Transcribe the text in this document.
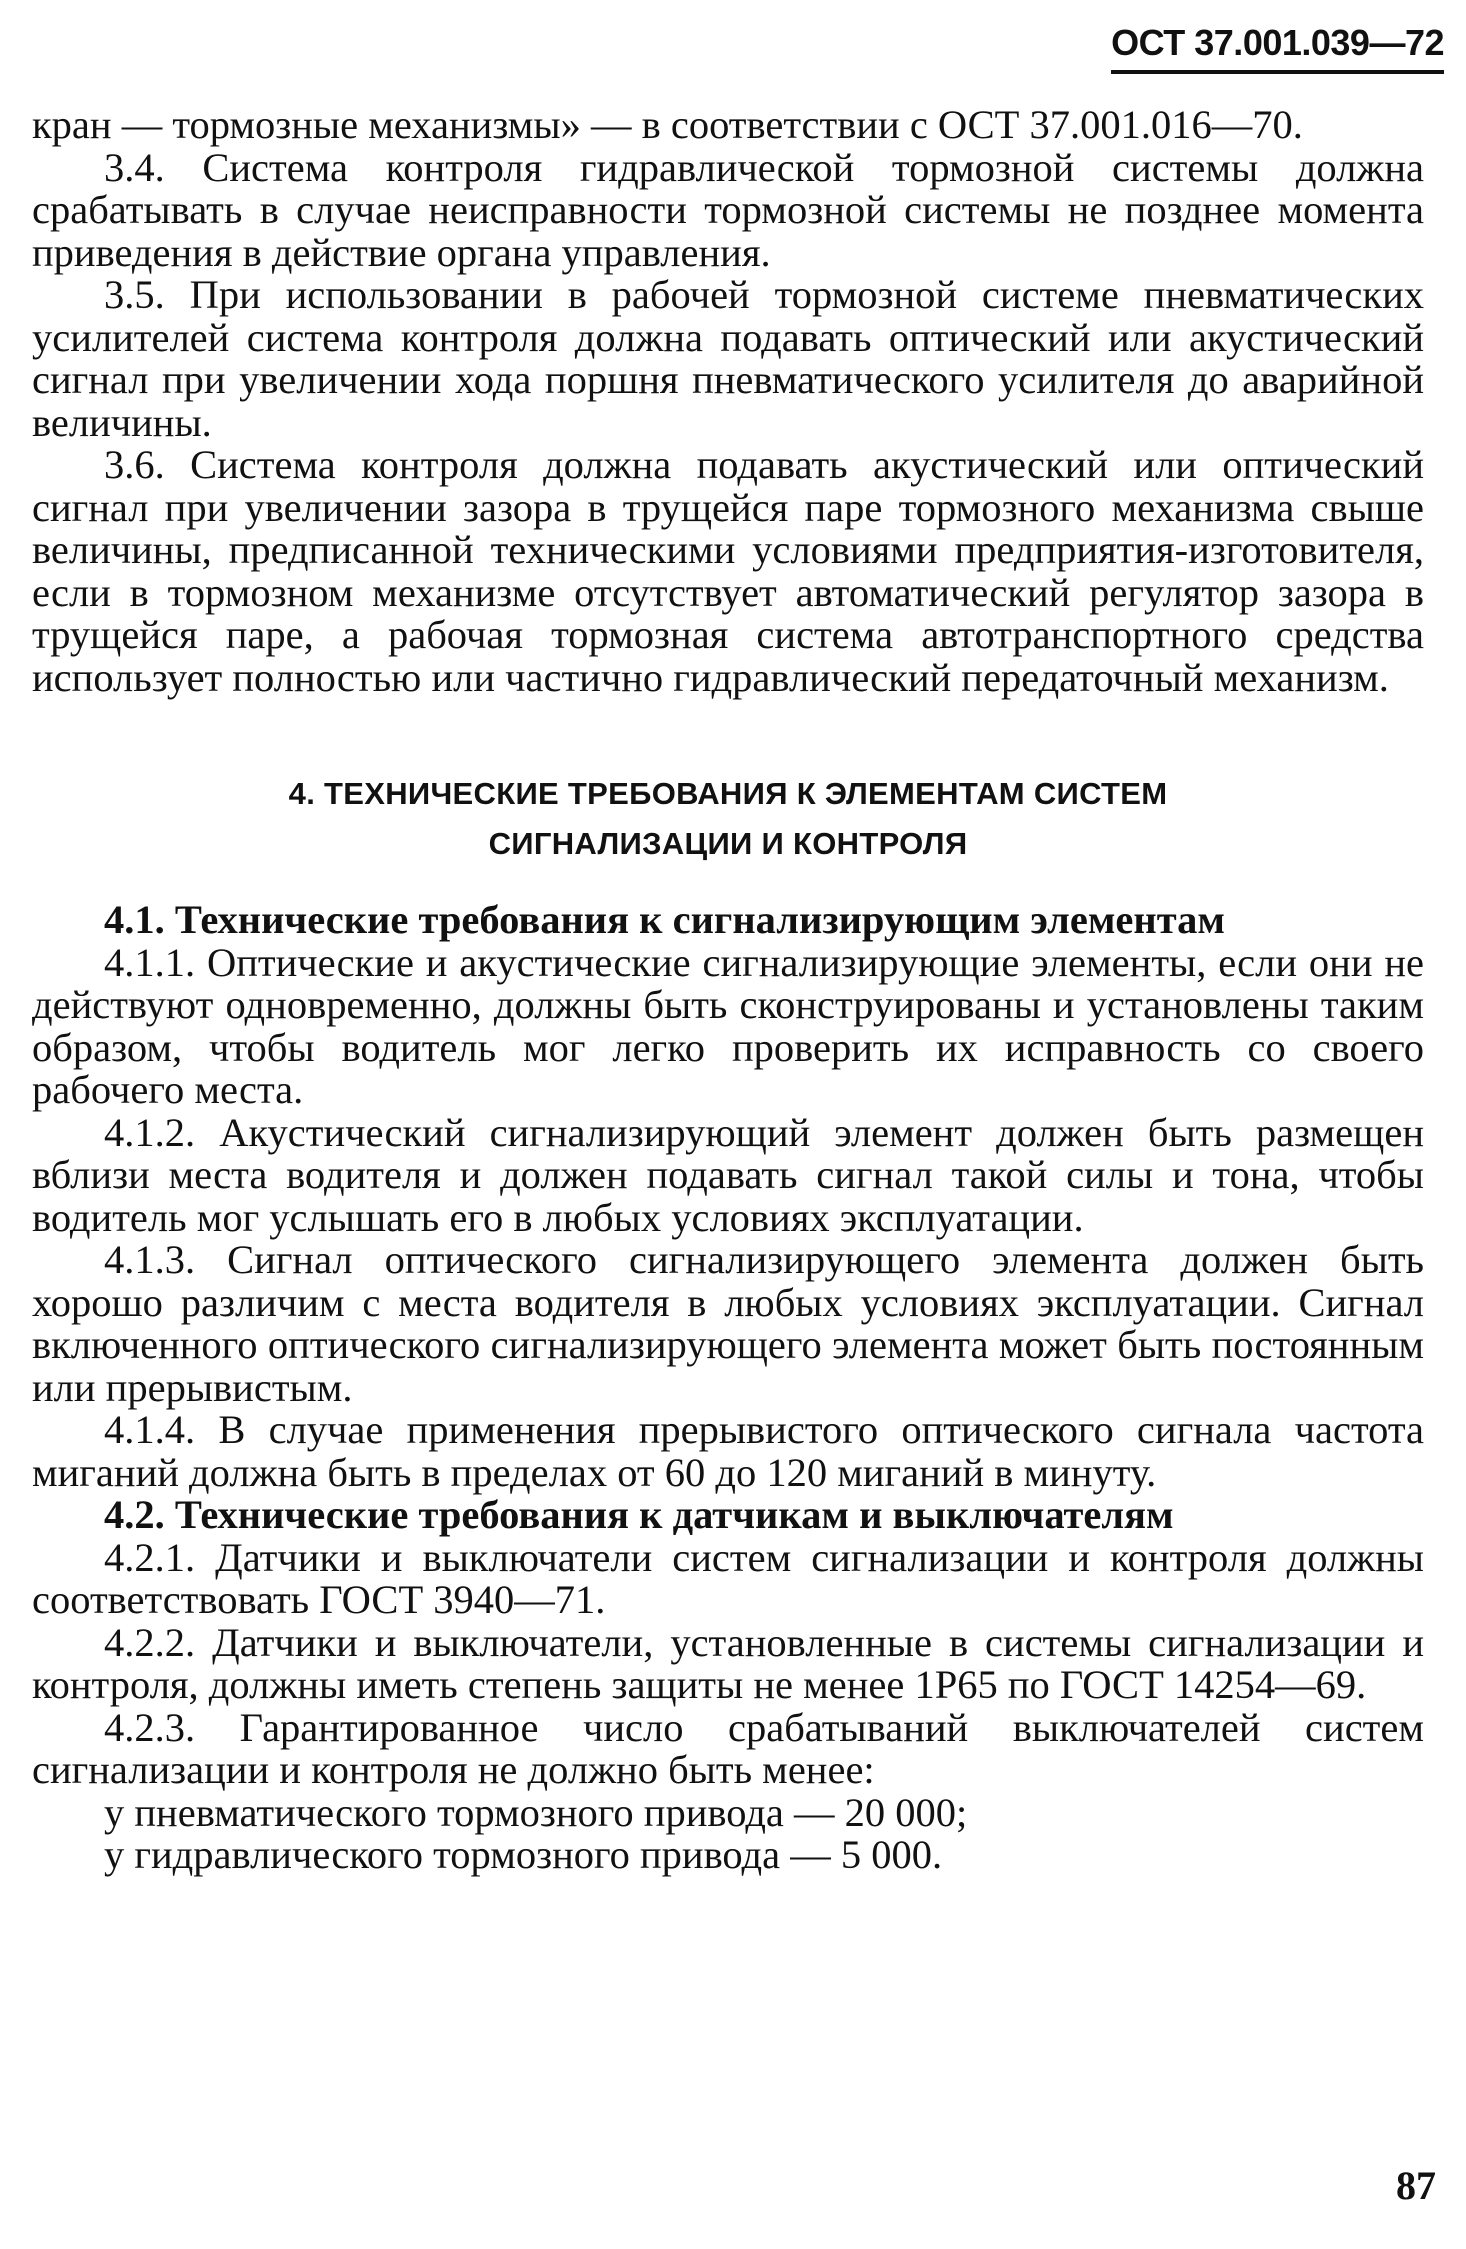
ОСТ 37.001.039—72

кран — тормозные механизмы» — в соответствии с ОСТ 37.001.016—70.

3.4. Система контроля гидравлической тормозной системы должна срабатывать в случае неисправности тормозной системы не позднее момента приведения в действие органа управления.

3.5. При использовании в рабочей тормозной системе пневматических усилителей система контроля должна подавать оптический или акустический сигнал при увеличении хода поршня пневматического усилителя до аварийной величины.

3.6. Система контроля должна подавать акустический или оптический сигнал при увеличении зазора в трущейся паре тормозного механизма свыше величины, предписанной техническими условиями предприятия-изготовителя, если в тормозном механизме отсутствует автоматический регулятор зазора в трущейся паре, а рабочая тормозная система автотранспортного средства использует полностью или частично гидравлический передаточный механизм.

4. ТЕХНИЧЕСКИЕ ТРЕБОВАНИЯ К ЭЛЕМЕНТАМ СИСТЕМ
СИГНАЛИЗАЦИИ И КОНТРОЛЯ

4.1. Технические требования к сигнализирующим элементам

4.1.1. Оптические и акустические сигнализирующие элементы, если они не действуют одновременно, должны быть сконструированы и установлены таким образом, чтобы водитель мог легко проверить их исправность со своего рабочего места.

4.1.2. Акустический сигнализирующий элемент должен быть размещен вблизи места водителя и должен подавать сигнал такой силы и тона, чтобы водитель мог услышать его в любых условиях эксплуатации.

4.1.3. Сигнал оптического сигнализирующего элемента должен быть хорошо различим с места водителя в любых условиях эксплуатации. Сигнал включенного оптического сигнализирующего элемента может быть постоянным или прерывистым.

4.1.4. В случае применения прерывистого оптического сигнала частота миганий должна быть в пределах от 60 до 120 миганий в минуту.

4.2. Технические требования к датчикам и выключателям

4.2.1. Датчики и выключатели систем сигнализации и контроля должны соответствовать ГОСТ 3940—71.

4.2.2. Датчики и выключатели, установленные в системы сигнализации и контроля, должны иметь степень защиты не менее 1Р65 по ГОСТ 14254—69.

4.2.3. Гарантированное число срабатываний выключателей систем сигнализации и контроля не должно быть менее:

у пневматического тормозного привода — 20 000;

у гидравлического тормозного привода — 5 000.

87
